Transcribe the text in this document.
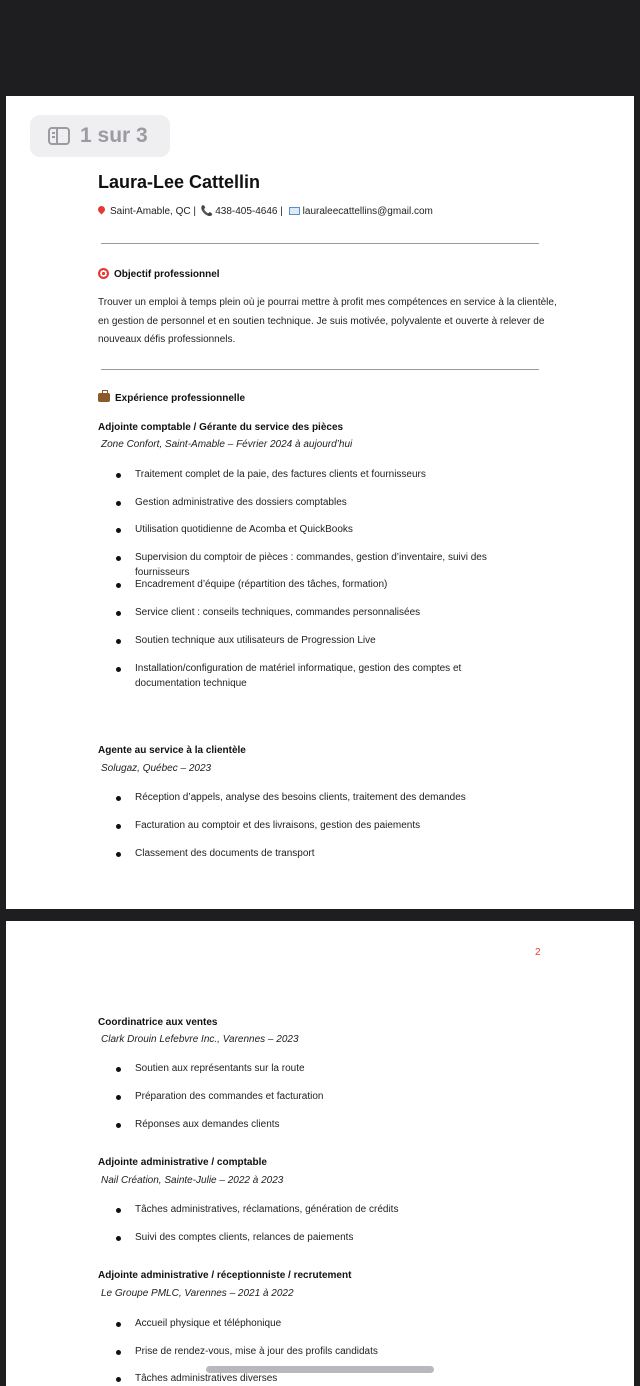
1 sur 3
Laura-Lee Cattellin
Saint-Amable, QC | 📞 438-405-4646 | lauraleecattellins@gmail.com
Objectif professionnel
Trouver un emploi à temps plein où je pourrai mettre à profit mes compétences en service à la clientèle, en gestion de personnel et en soutien technique. Je suis motivée, polyvalente et ouverte à relever de nouveaux défis professionnels.
Expérience professionnelle
Adjointe comptable / Gérante du service des pièces
Zone Confort, Saint-Amable – Février 2024 à aujourd’hui
Traitement complet de la paie, des factures clients et fournisseurs
Gestion administrative des dossiers comptables
Utilisation quotidienne de Acomba et QuickBooks
Supervision du comptoir de pièces : commandes, gestion d’inventaire, suivi des fournisseurs
Encadrement d’équipe (répartition des tâches, formation)
Service client : conseils techniques, commandes personnalisées
Soutien technique aux utilisateurs de Progression Live
Installation/configuration de matériel informatique, gestion des comptes et documentation technique
Agente au service à la clientèle
Solugaz, Québec – 2023
Réception d’appels, analyse des besoins clients, traitement des demandes
Facturation au comptoir et des livraisons, gestion des paiements
Classement des documents de transport
2
Coordinatrice aux ventes
Clark Drouin Lefebvre Inc., Varennes – 2023
Soutien aux représentants sur la route
Préparation des commandes et facturation
Réponses aux demandes clients
Adjointe administrative / comptable
Nail Création, Sainte-Julie – 2022 à 2023
Tâches administratives, réclamations, génération de crédits
Suivi des comptes clients, relances de paiements
Adjointe administrative / réceptionniste / recrutement
Le Groupe PMLC, Varennes – 2021 à 2022
Accueil physique et téléphonique
Prise de rendez-vous, mise à jour des profils candidats
Tâches administratives diverses
